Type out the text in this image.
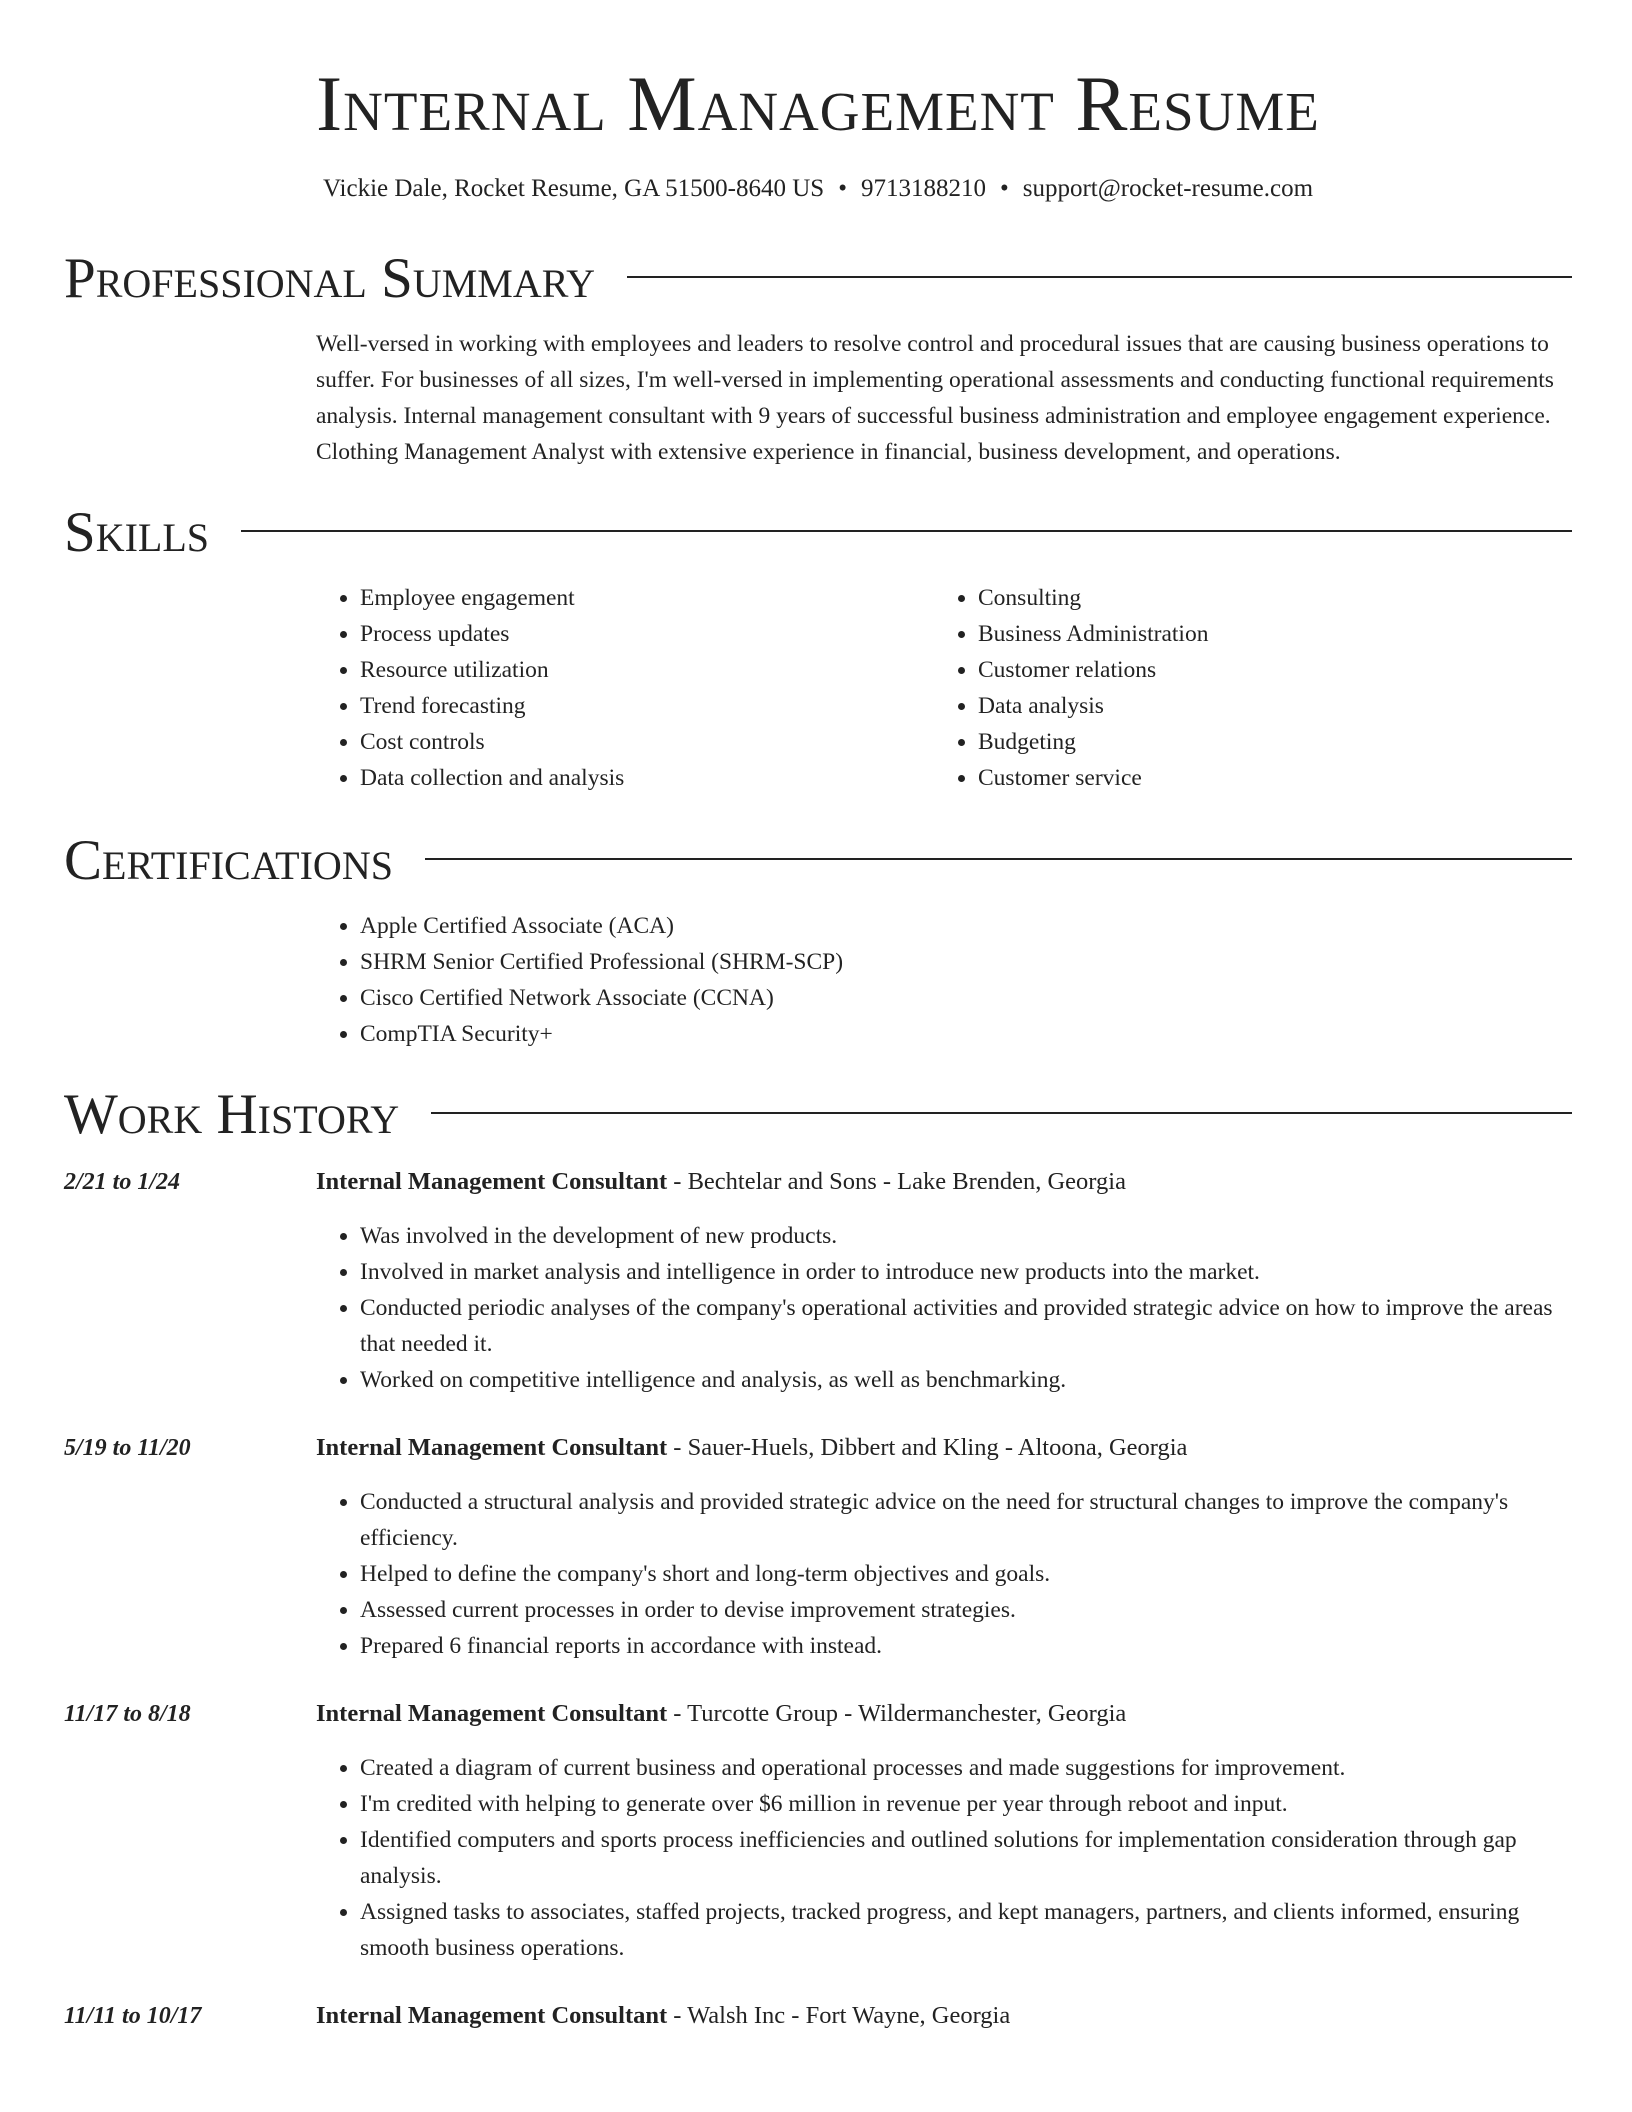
Internal Management Resume
Vickie Dale, Rocket Resume, GA 51500-8640 US • 9713188210 • support@rocket-resume.com
Professional Summary

Well-versed in working with employees and leaders to resolve control and procedural issues that are causing business operations to suffer. For businesses of all sizes, I'm well-versed in implementing operational assessments and conducting functional requirements analysis. Internal management consultant with 9 years of successful business administration and employee engagement experience. Clothing Management Analyst with extensive experience in financial, business development, and operations.

Skills
• Employee engagement
• Process updates
• Resource utilization
• Trend forecasting
• Cost controls
• Data collection and analysis
• Consulting
• Business Administration
• Customer relations
• Data analysis
• Budgeting
• Customer service
Certifications
• Apple Certified Associate (ACA)
• SHRM Senior Certified Professional (SHRM-SCP)
• Cisco Certified Network Associate (CCNA)
• CompTIA Security+
Work History
2/21 to 1/24	Internal Management Consultant - Bechtelar and Sons - Lake Brenden, Georgia
• Was involved in the development of new products.
• Involved in market analysis and intelligence in order to introduce new products into the market.
• Conducted periodic analyses of the company's operational activities and provided strategic advice on how to improve the areas that needed it.
• Worked on competitive intelligence and analysis, as well as benchmarking.
5/19 to 11/20	Internal Management Consultant - Sauer-Huels, Dibbert and Kling - Altoona, Georgia
• Conducted a structural analysis and provided strategic advice on the need for structural changes to improve the company's efficiency.
• Helped to define the company's short and long-term objectives and goals.
• Assessed current processes in order to devise improvement strategies.
• Prepared 6 financial reports in accordance with instead.
11/17 to 8/18	Internal Management Consultant - Turcotte Group - Wildermanchester, Georgia
• Created a diagram of current business and operational processes and made suggestions for improvement.
• I'm credited with helping to generate over $6 million in revenue per year through reboot and input.
• Identified computers and sports process inefficiencies and outlined solutions for implementation consideration through gap analysis.
• Assigned tasks to associates, staffed projects, tracked progress, and kept managers, partners, and clients informed, ensuring smooth business operations.
11/11 to 10/17	Internal Management Consultant - Walsh Inc - Fort Wayne, Georgia
